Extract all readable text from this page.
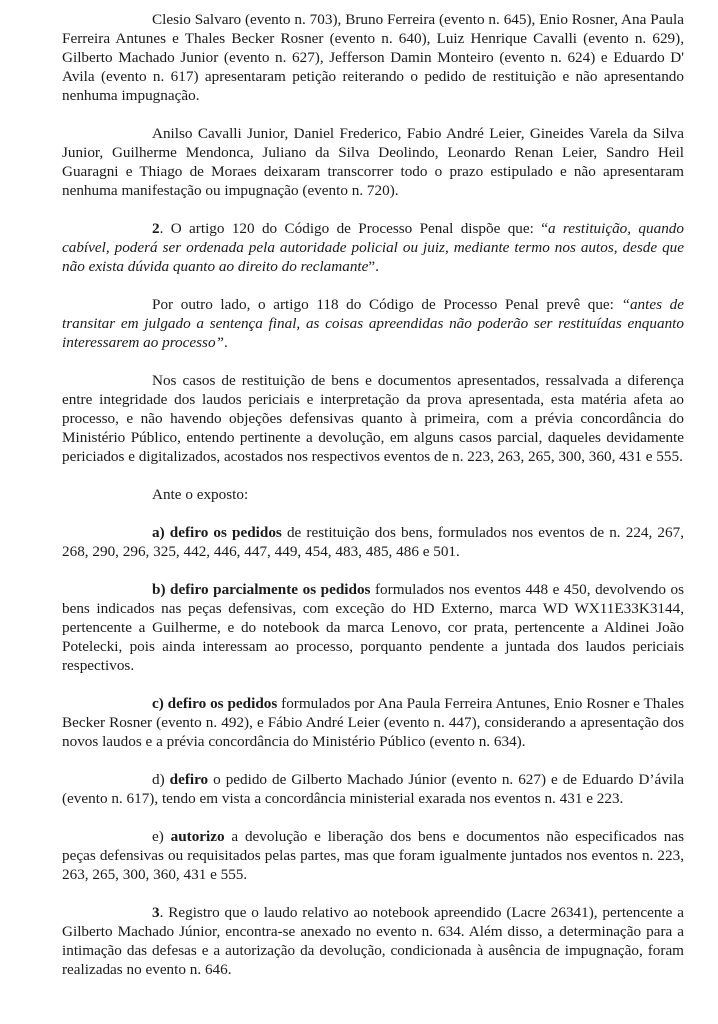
Clesio Salvaro (evento n. 703), Bruno Ferreira (evento n. 645), Enio Rosner, Ana Paula Ferreira Antunes e Thales Becker Rosner (evento n. 640), Luiz Henrique Cavalli (evento n. 629), Gilberto Machado Junior (evento n. 627), Jefferson Damin Monteiro (evento n. 624) e Eduardo D' Avila (evento n. 617) apresentaram petição reiterando o pedido de restituição e não apresentando nenhuma impugnação.

Anilso Cavalli Junior, Daniel Frederico, Fabio André Leier, Gineides Varela da Silva Junior, Guilherme Mendonca, Juliano da Silva Deolindo, Leonardo Renan Leier, Sandro Heil Guaragni e Thiago de Moraes deixaram transcorrer todo o prazo estipulado e não apresentaram nenhuma manifestação ou impugnação (evento n. 720).

2. O artigo 120 do Código de Processo Penal dispõe que: “a restituição, quando cabível, poderá ser ordenada pela autoridade policial ou juiz, mediante termo nos autos, desde que não exista dúvida quanto ao direito do reclamante”.

Por outro lado, o artigo 118 do Código de Processo Penal prevê que: “antes de transitar em julgado a sentença final, as coisas apreendidas não poderão ser restituídas enquanto interessarem ao processo”.

Nos casos de restituição de bens e documentos apresentados, ressalvada a diferença entre integridade dos laudos periciais e interpretação da prova apresentada, esta matéria afeta ao processo, e não havendo objeções defensivas quanto à primeira, com a prévia concordância do Ministério Público, entendo pertinente a devolução, em alguns casos parcial, daqueles devidamente periciados e digitalizados, acostados nos respectivos eventos de n. 223, 263, 265, 300, 360, 431 e 555.

Ante o exposto:

a) defiro os pedidos de restituição dos bens, formulados nos eventos de n. 224, 267, 268, 290, 296, 325, 442, 446, 447, 449, 454, 483, 485, 486 e 501.

b) defiro parcialmente os pedidos formulados nos eventos 448 e 450, devolvendo os bens indicados nas peças defensivas, com exceção do HD Externo, marca WD WX11E33K3144, pertencente a Guilherme, e do notebook da marca Lenovo, cor prata, pertencente a Aldinei João Potelecki, pois ainda interessam ao processo, porquanto pendente a juntada dos laudos periciais respectivos.

c) defiro os pedidos formulados por Ana Paula Ferreira Antunes, Enio Rosner e Thales Becker Rosner (evento n. 492), e Fábio André Leier (evento n. 447), considerando a apresentação dos novos laudos e a prévia concordância do Ministério Público (evento n. 634).

d) defiro o pedido de Gilberto Machado Júnior (evento n. 627) e de Eduardo D’ávila (evento n. 617), tendo em vista a concordância ministerial exarada nos eventos n. 431 e 223.

e) autorizo a devolução e liberação dos bens e documentos não especificados nas peças defensivas ou requisitados pelas partes, mas que foram igualmente juntados nos eventos n. 223, 263, 265, 300, 360, 431 e 555.

3. Registro que o laudo relativo ao notebook apreendido (Lacre 26341), pertencente a Gilberto Machado Júnior, encontra-se anexado no evento n. 634. Além disso, a determinação para a intimação das defesas e a autorização da devolução, condicionada à ausência de impugnação, foram realizadas no evento n. 646.
